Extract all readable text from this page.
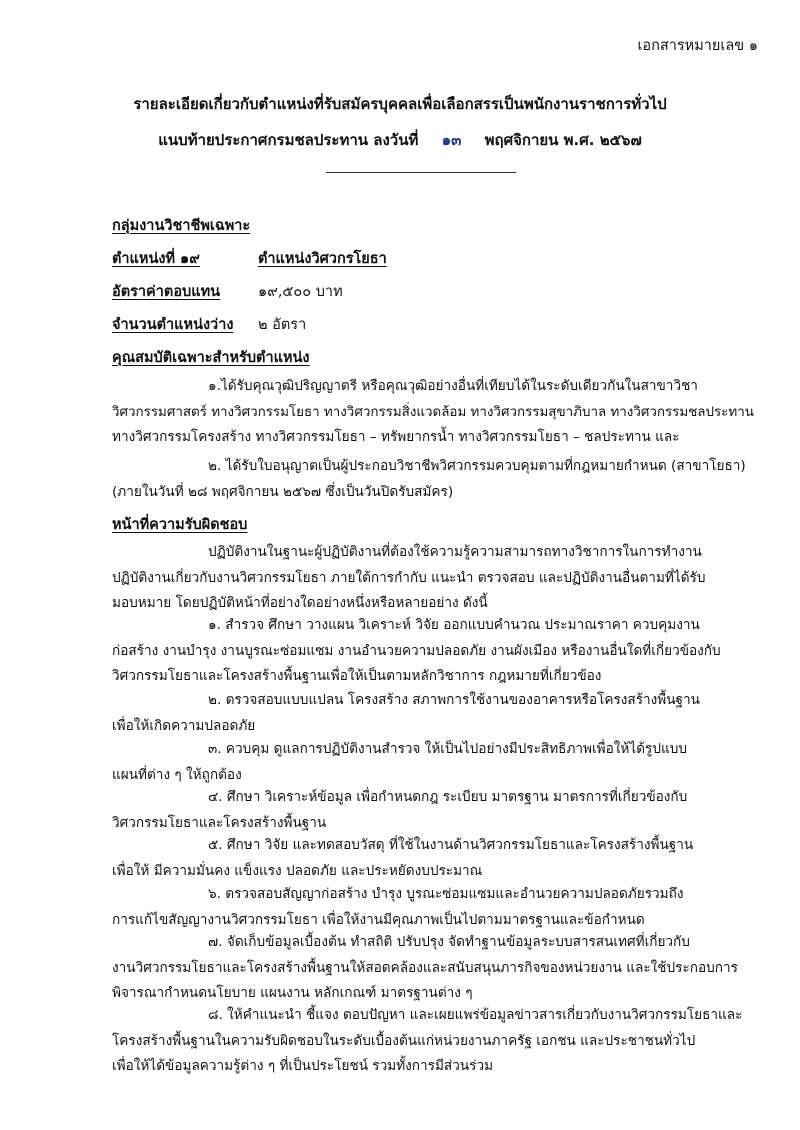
เอกสารหมายเลข ๑
รายละเอียดเกี่ยวกับตำแหน่งที่รับสมัครบุคคลเพื่อเลือกสรรเป็นพนักงานราชการทั่วไป
แนบท้ายประกาศกรมชลประทาน ลงวันที่ ๑๓ พฤศจิกายน พ.ศ. ๒๕๖๗
กลุ่มงานวิชาชีพเฉพาะ
ตำแหน่งที่ ๑๙	ตำแหน่งวิศวกรโยธา
อัตราค่าตอบแทน	๑๙,๕๐๐ บาท
จำนวนตำแหน่งว่าง ๒ อัตรา
คุณสมบัติเฉพาะสำหรับตำแหน่ง
๑.ได้รับคุณวุฒิปริญญาตรี หรือคุณวุฒิอย่างอื่นที่เทียบได้ในระดับเดียวกันในสาขาวิชา
วิศวกรรมศาสตร์ ทางวิศวกรรมโยธา ทางวิศวกรรมสิ่งแวดล้อม ทางวิศวกรรมสุขาภิบาล ทางวิศวกรรมชลประทาน
ทางวิศวกรรมโครงสร้าง ทางวิศวกรรมโยธา – ทรัพยากรน้ำ ทางวิศวกรรมโยธา – ชลประทาน และ
๒. ได้รับใบอนุญาตเป็นผู้ประกอบวิชาชีพวิศวกรรมควบคุมตามที่กฎหมายกำหนด (สาขาโยธา)
(ภายในวันที่ ๒๘ พฤศจิกายน ๒๕๖๗ ซึ่งเป็นวันปิดรับสมัคร)
หน้าที่ความรับผิดชอบ
ปฏิบัติงานในฐานะผู้ปฏิบัติงานที่ต้องใช้ความรู้ความสามารถทางวิชาการในการทำงาน
ปฏิบัติงานเกี่ยวกับงานวิศวกรรมโยธา ภายใต้การกำกับ แนะนำ ตรวจสอบ และปฏิบัติงานอื่นตามที่ได้รับ
มอบหมาย โดยปฏิบัติหน้าที่อย่างใดอย่างหนึ่งหรือหลายอย่าง ดังนี้
๑. สำรวจ ศึกษา วางแผน วิเคราะห์ วิจัย ออกแบบคำนวณ ประมาณราคา ควบคุมงาน
ก่อสร้าง งานบำรุง งานบูรณะซ่อมแซม งานอำนวยความปลอดภัย งานผังเมือง หรืองานอื่นใดที่เกี่ยวข้องกับ
วิศวกรรมโยธาและโครงสร้างพื้นฐานเพื่อให้เป็นตามหลักวิชาการ กฎหมายที่เกี่ยวข้อง
๒. ตรวจสอบแบบแปลน โครงสร้าง สภาพการใช้งานของอาคารหรือโครงสร้างพื้นฐาน
เพื่อให้เกิดความปลอดภัย
๓. ควบคุม ดูแลการปฏิบัติงานสำรวจ ให้เป็นไปอย่างมีประสิทธิภาพเพื่อให้ได้รูปแบบ
แผนที่ต่าง ๆ ให้ถูกต้อง
๔. ศึกษา วิเคราะห์ข้อมูล เพื่อกำหนดกฎ ระเบียบ มาตรฐาน มาตรการที่เกี่ยวข้องกับ
วิศวกรรมโยธาและโครงสร้างพื้นฐาน
๕. ศึกษา วิจัย และทดสอบวัสดุ ที่ใช้ในงานด้านวิศวกรรมโยธาและโครงสร้างพื้นฐาน
เพื่อให้ มีความมั่นคง แข็งแรง ปลอดภัย และประหยัดงบประมาณ
๖. ตรวจสอบสัญญาก่อสร้าง บำรุง บูรณะซ่อมแซมและอำนวยความปลอดภัยรวมถึง
การแก้ไขสัญญางานวิศวกรรมโยธา เพื่อให้งานมีคุณภาพเป็นไปตามมาตรฐานและข้อกำหนด
๗. จัดเก็บข้อมูลเบื้องต้น ทำสถิติ ปรับปรุง จัดทำฐานข้อมูลระบบสารสนเทศที่เกี่ยวกับ
งานวิศวกรรมโยธาและโครงสร้างพื้นฐานให้สอดคล้องและสนับสนุนภารกิจของหน่วยงาน และใช้ประกอบการ
พิจารณากำหนดนโยบาย แผนงาน หลักเกณฑ์ มาตรฐานต่าง ๆ
๘. ให้คำแนะนำ ชี้แจง ตอบปัญหา และเผยแพร่ข้อมูลข่าวสารเกี่ยวกับงานวิศวกรรมโยธาและ
โครงสร้างพื้นฐานในความรับผิดชอบในระดับเบื้องต้นแก่หน่วยงานภาครัฐ เอกชน และประชาชนทั่วไป
เพื่อให้ได้ข้อมูลความรู้ต่าง ๆ ที่เป็นประโยชน์ รวมทั้งการมีส่วนร่วม
